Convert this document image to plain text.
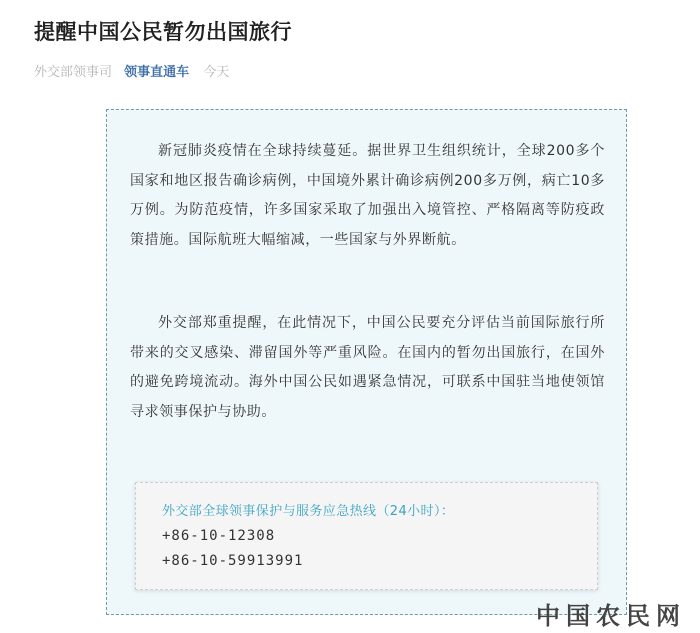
提醒中国公民暂勿出国旅行
外交部领事司 领事直通车 今天

新冠肺炎疫情在全球持续蔓延。据世界卫生组织统计，全球200多个国家和地区报告确诊病例，中国境外累计确诊病例200多万例，病亡10多万例。为防范疫情，许多国家采取了加强出入境管控、严格隔离等防疫政策措施。国际航班大幅缩减，一些国家与外界断航。

外交部郑重提醒，在此情况下，中国公民要充分评估当前国际旅行所带来的交叉感染、滞留国外等严重风险。在国内的暂勿出国旅行，在国外的避免跨境流动。海外中国公民如遇紧急情况，可联系中国驻当地使领馆寻求领事保护与协助。

外交部全球领事保护与服务应急热线（24小时）：
+86-10-12308
+86-10-59913991
中国农民网
